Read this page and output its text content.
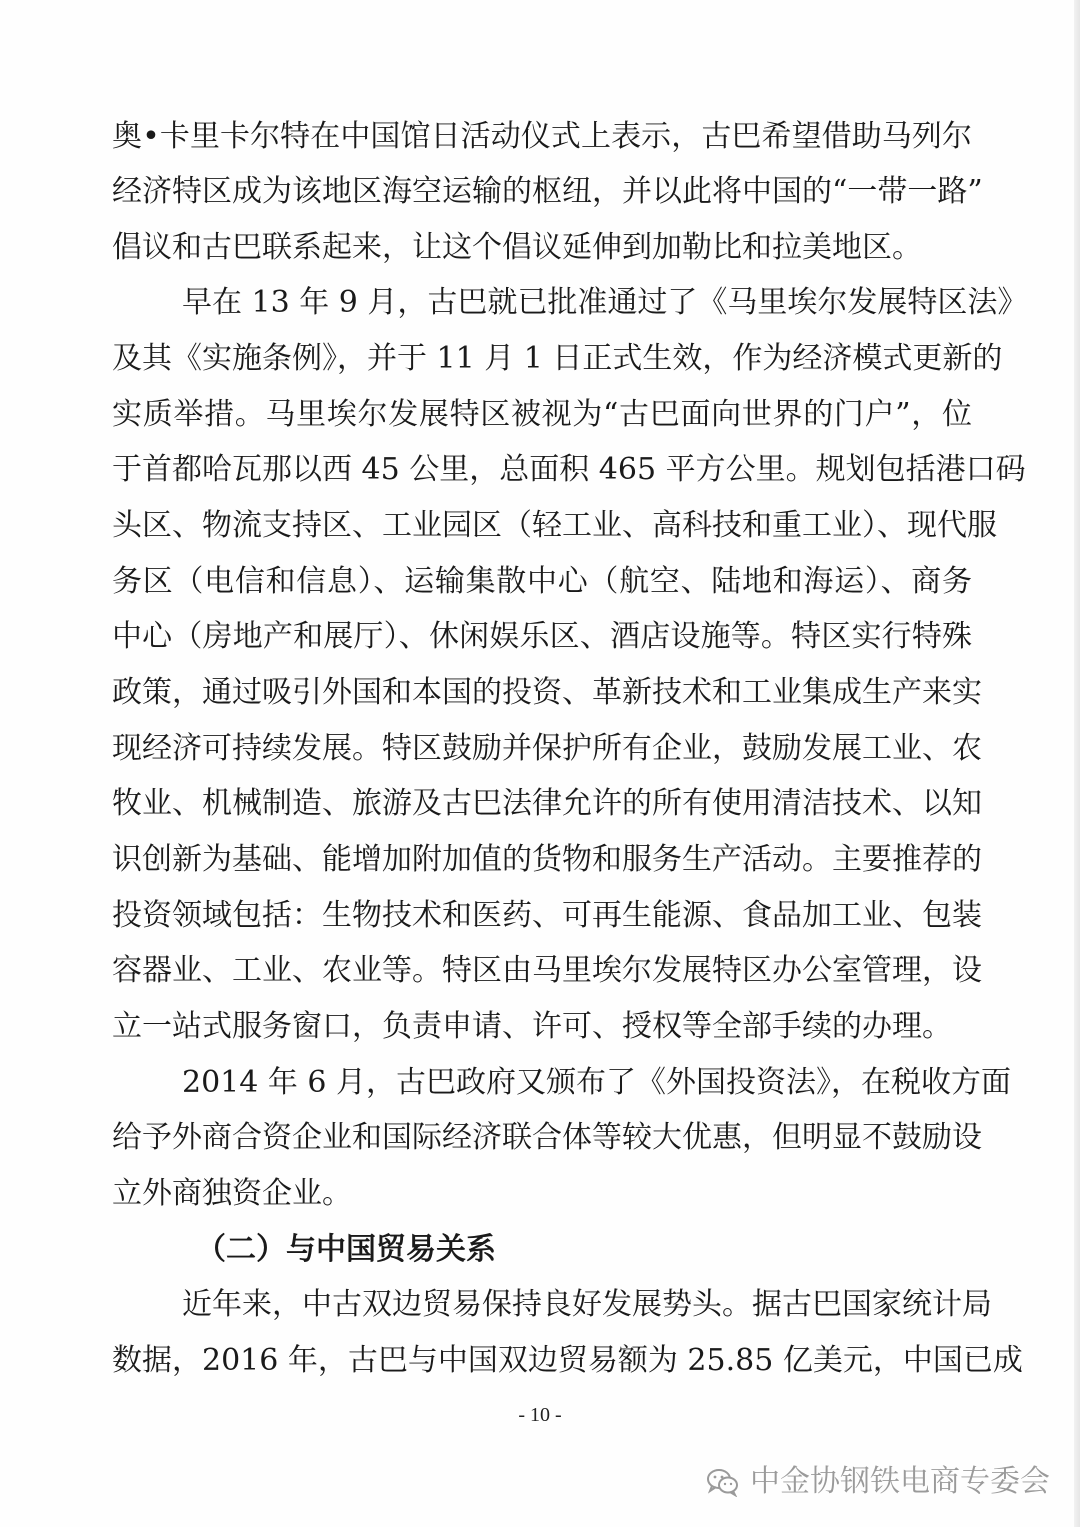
奥•卡里卡尔特在中国馆日活动仪式上表示，古巴希望借助马列尔
经济特区成为该地区海空运输的枢纽，并以此将中国的“一带一路”
倡议和古巴联系起来，让这个倡议延伸到加勒比和拉美地区。
早在 13 年 9 月，古巴就已批准通过了《马里埃尔发展特区法》
及其《实施条例》，并于 11 月 1 日正式生效，作为经济模式更新的
实质举措。马里埃尔发展特区被视为“古巴面向世界的门户”，位
于首都哈瓦那以西 45 公里，总面积 465 平方公里。规划包括港口码
头区、物流支持区、工业园区（轻工业、高科技和重工业）、现代服
务区（电信和信息）、运输集散中心（航空、陆地和海运）、商务
中心（房地产和展厅）、休闲娱乐区、酒店设施等。特区实行特殊
政策，通过吸引外国和本国的投资、革新技术和工业集成生产来实
现经济可持续发展。特区鼓励并保护所有企业，鼓励发展工业、农
牧业、机械制造、旅游及古巴法律允许的所有使用清洁技术、以知
识创新为基础、能增加附加值的货物和服务生产活动。主要推荐的
投资领域包括：生物技术和医药、可再生能源、食品加工业、包装
容器业、工业、农业等。特区由马里埃尔发展特区办公室管理，设
立一站式服务窗口，负责申请、许可、授权等全部手续的办理。
2014 年 6 月，古巴政府又颁布了《外国投资法》，在税收方面
给予外商合资企业和国际经济联合体等较大优惠，但明显不鼓励设
立外商独资企业。
（二）与中国贸易关系
近年来，中古双边贸易保持良好发展势头。据古巴国家统计局
数据，2016 年，古巴与中国双边贸易额为 25.85 亿美元，中国已成
- 10 -
中金协钢铁电商专委会
